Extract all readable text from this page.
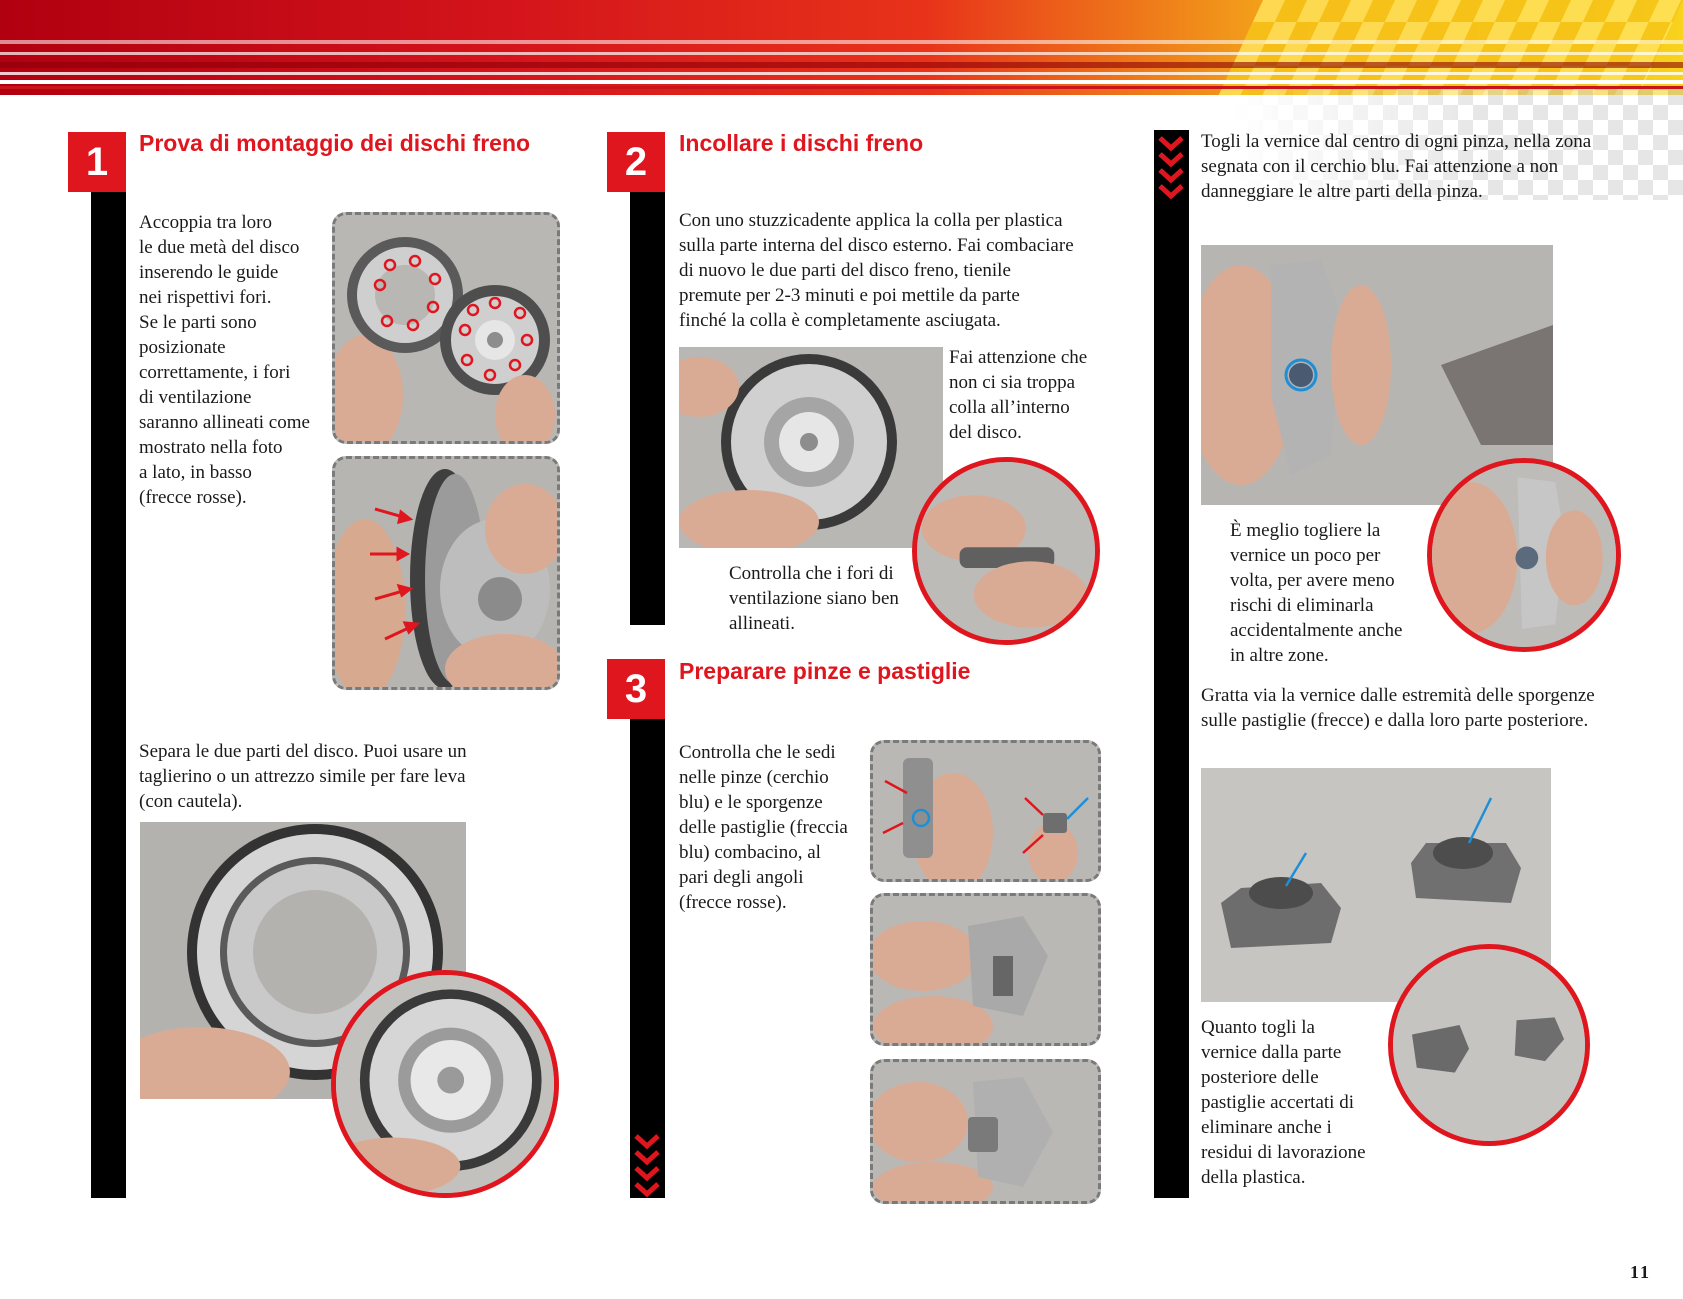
1	Prova di montaggio dei dischi freno

Accoppia tra loro
le due metà del disco
inserendo le guide
nei rispettivi fori.
Se le parti sono
posizionate
correttamente, i fori
di ventilazione
saranno allineati come
mostrato nella foto
a lato, in basso
(frecce rosse).

Separa le due parti del disco. Puoi usare un
taglierino o un attrezzo simile per fare leva
(con cautela).

2	Incollare i dischi freno

Con uno stuzzicadente applica la colla per plastica
sulla parte interna del disco esterno. Fai combaciare
di nuovo le due parti del disco freno, tienile
premute per 2-3 minuti e poi mettile da parte
finché la colla è completamente asciugata.

Fai attenzione che
non ci sia troppa
colla all’interno
del disco.

Controlla che i fori di
ventilazione siano ben
allineati.

3	Preparare pinze e pastiglie

Controlla che le sedi
nelle pinze (cerchio
blu) e le sporgenze
delle pastiglie (freccia
blu) combacino, al
pari degli angoli
(frecce rosse).

Togli la vernice dal centro di ogni pinza, nella zona
segnata con il cerchio blu. Fai attenzione a non
danneggiare le altre parti della pinza.

È meglio togliere la
vernice un poco per
volta, per avere meno
rischi di eliminarla
accidentalmente anche
in altre zone.

Gratta via la vernice dalle estremità delle sporgenze
sulle pastiglie (frecce) e dalla loro parte posteriore.

Quanto togli la
vernice dalla parte
posteriore delle
pastiglie accertati di
eliminare anche i
residui di lavorazione
della plastica.

11
